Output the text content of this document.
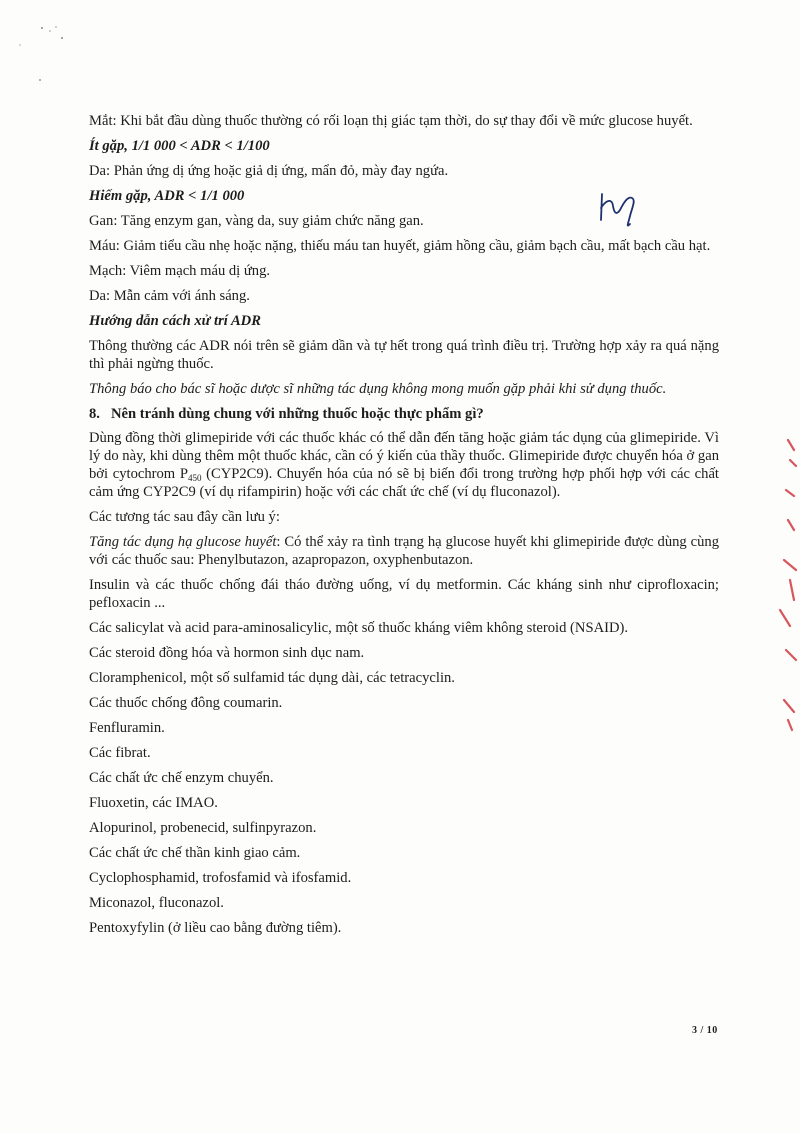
Mắt: Khi bắt đầu dùng thuốc thường có rối loạn thị giác tạm thời, do sự thay đổi về mức glucose huyết.

Ít gặp, 1/1 000 < ADR < 1/100

Da: Phản ứng dị ứng hoặc giả dị ứng, mẩn đỏ, mày đay ngứa.

Hiếm gặp, ADR < 1/1 000

Gan: Tăng enzym gan, vàng da, suy giảm chức năng gan.

Máu: Giảm tiểu cầu nhẹ hoặc nặng, thiếu máu tan huyết, giảm hồng cầu, giảm bạch cầu, mất bạch cầu hạt.

Mạch: Viêm mạch máu dị ứng.

Da: Mẫn cảm với ánh sáng.

Hướng dẫn cách xử trí ADR

Thông thường các ADR nói trên sẽ giảm dần và tự hết trong quá trình điều trị. Trường hợp xảy ra quá nặng thì phải ngừng thuốc.

Thông báo cho bác sĩ hoặc dược sĩ những tác dụng không mong muốn gặp phải khi sử dụng thuốc.

8. Nên tránh dùng chung với những thuốc hoặc thực phẩm gì?

Dùng đồng thời glimepiride với các thuốc khác có thể dẫn đến tăng hoặc giảm tác dụng của glimepiride. Vì lý do này, khi dùng thêm một thuốc khác, cần có ý kiến của thầy thuốc. Glimepiride được chuyển hóa ở gan bởi cytochrom $P_{450}$ (CYP2C9). Chuyển hóa của nó sẽ bị biến đổi trong trường hợp phối hợp với các chất cảm ứng CYP2C9 (ví dụ rifampirin) hoặc với các chất ức chế (ví dụ fluconazol).

Các tương tác sau đây cần lưu ý:

Tăng tác dụng hạ glucose huyết: Có thể xảy ra tình trạng hạ glucose huyết khi glimepiride được dùng cùng với các thuốc sau: Phenylbutazon, azapropazon, oxyphenbutazon.

Insulin và các thuốc chống đái tháo đường uống, ví dụ metformin. Các kháng sinh như ciprofloxacin; pefloxacin ...

Các salicylat và acid para-aminosalicylic, một số thuốc kháng viêm không steroid (NSAID).

Các steroid đồng hóa và hormon sinh dục nam.

Cloramphenicol, một số sulfamid tác dụng dài, các tetracyclin.

Các thuốc chống đông coumarin.

Fenfluramin.

Các fibrat.

Các chất ức chế enzym chuyển.

Fluoxetin, các IMAO.

Alopurinol, probenecid, sulfinpyrazon.

Các chất ức chế thần kinh giao cảm.

Cyclophosphamid, trofosfamid và ifosfamid.

Miconazol, fluconazol.

Pentoxyfylin (ở liều cao bằng đường tiêm).

3 / 10
